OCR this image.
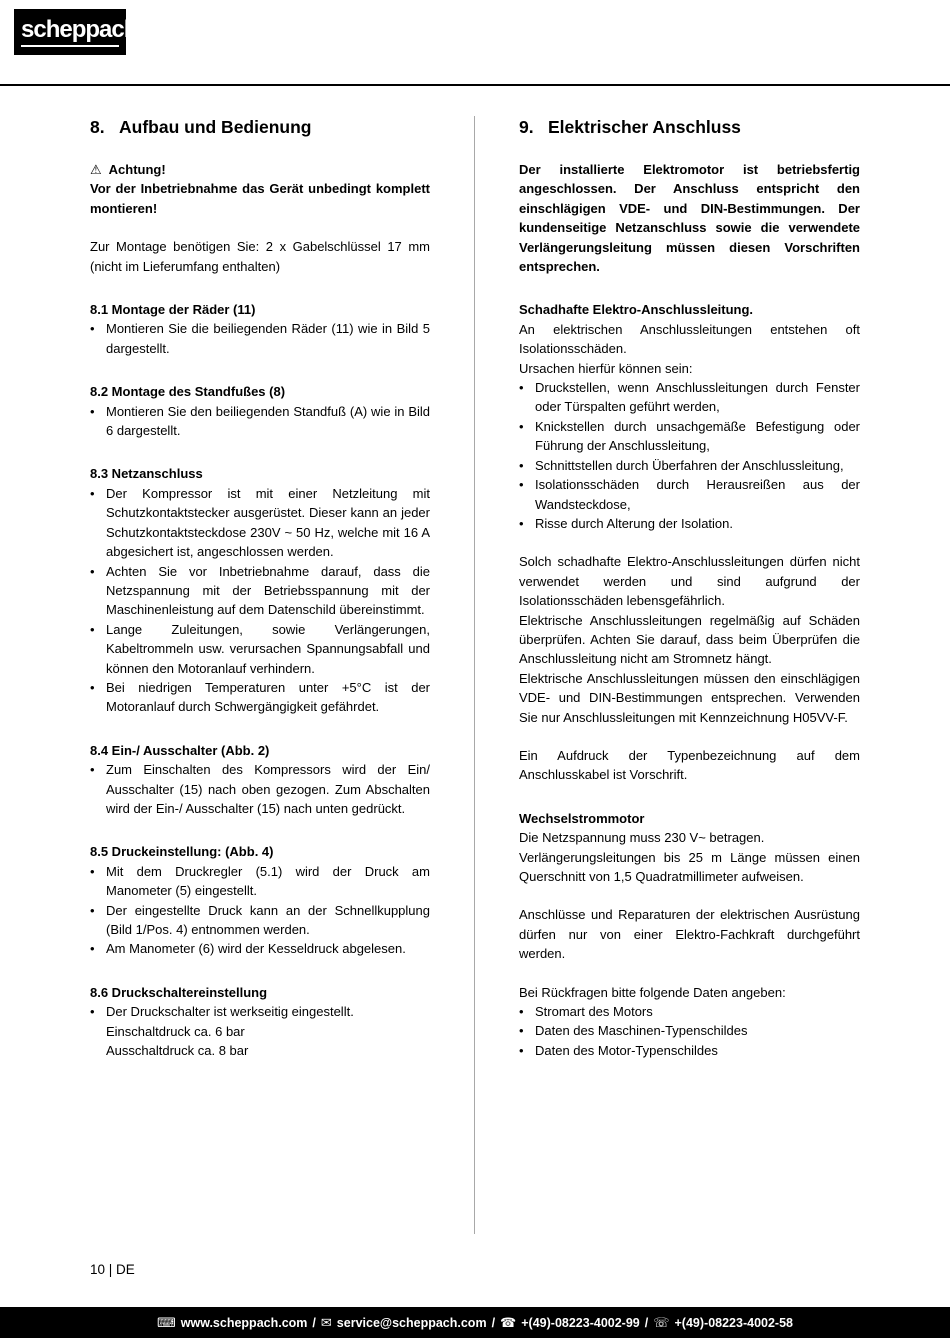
scheppach
8. Aufbau und Bedienung
⚠ Achtung!
Vor der Inbetriebnahme das Gerät unbedingt komplett montieren!
Zur Montage benötigen Sie: 2 x Gabelschlüssel 17 mm (nicht im Lieferumfang enthalten)
8.1 Montage der Räder (11)
• Montieren Sie die beiliegenden Räder (11) wie in Bild 5 dargestellt.
8.2 Montage des Standfußes (8)
• Montieren Sie den beiliegenden Standfuß (A) wie in Bild 6 dargestellt.
8.3 Netzanschluss
• Der Kompressor ist mit einer Netzleitung mit Schutzkontaktstecker ausgerüstet. Dieser kann an jeder Schutzkontaktsteckdose 230V ~ 50 Hz, welche mit 16 A abgesichert ist, angeschlossen werden.
• Achten Sie vor Inbetriebnahme darauf, dass die Netzspannung mit der Betriebsspannung mit der Maschinenleistung auf dem Datenschild übereinstimmt.
• Lange Zuleitungen, sowie Verlängerungen, Kabeltrommeln usw. verursachen Spannungsabfall und können den Motoranlauf verhindern.
• Bei niedrigen Temperaturen unter +5°C ist der Motoranlauf durch Schwergängigkeit gefährdet.
8.4 Ein-/ Ausschalter (Abb. 2)
• Zum Einschalten des Kompressors wird der Ein/ Ausschalter (15) nach oben gezogen. Zum Abschalten wird der Ein-/ Ausschalter (15) nach unten gedrückt.
8.5 Druckeinstellung: (Abb. 4)
• Mit dem Druckregler (5.1) wird der Druck am Manometer (5) eingestellt.
• Der eingestellte Druck kann an der Schnellkupplung (Bild 1/Pos. 4) entnommen werden.
• Am Manometer (6) wird der Kesseldruck abgelesen.
8.6 Druckschaltereinstellung
• Der Druckschalter ist werkseitig eingestellt.
Einschaltdruck ca. 6 bar
Ausschaltdruck ca. 8 bar
9. Elektrischer Anschluss
Der installierte Elektromotor ist betriebsfertig angeschlossen. Der Anschluss entspricht den einschlägigen VDE- und DIN-Bestimmungen. Der kundenseitige Netzanschluss sowie die verwendete Verlängerungsleitung müssen diesen Vorschriften entsprechen.
Schadhafte Elektro-Anschlussleitung.
An elektrischen Anschlussleitungen entstehen oft Isolationsschäden.
Ursachen hierfür können sein:
• Druckstellen, wenn Anschlussleitungen durch Fenster oder Türspalten geführt werden,
• Knickstellen durch unsachgemäße Befestigung oder Führung der Anschlussleitung,
• Schnittstellen durch Überfahren der Anschlussleitung,
• Isolationsschäden durch Herausreißen aus der Wandsteckdose,
• Risse durch Alterung der Isolation.
Solch schadhafte Elektro-Anschlussleitungen dürfen nicht verwendet werden und sind aufgrund der Isolationsschäden lebensgefährlich.
Elektrische Anschlussleitungen regelmäßig auf Schäden überprüfen. Achten Sie darauf, dass beim Überprüfen die Anschlussleitung nicht am Stromnetz hängt.
Elektrische Anschlussleitungen müssen den einschlägigen VDE- und DIN-Bestimmungen entsprechen. Verwenden Sie nur Anschlussleitungen mit Kennzeichnung H05VV-F.
Ein Aufdruck der Typenbezeichnung auf dem Anschlusskabel ist Vorschrift.
Wechselstrommotor
Die Netzspannung muss 230 V~ betragen.
Verlängerungsleitungen bis 25 m Länge müssen einen Querschnitt von 1,5 Quadratmillimeter aufweisen.
Anschlüsse und Reparaturen der elektrischen Ausrüstung dürfen nur von einer Elektro-Fachkraft durchgeführt werden.
Bei Rückfragen bitte folgende Daten angeben:
• Stromart des Motors
• Daten des Maschinen-Typenschildes
• Daten des Motor-Typenschildes
10 | DE
⌨ www.scheppach.com / ✉ service@scheppach.com / ☎ +(49)-08223-4002-99 / ☏ +(49)-08223-4002-58
